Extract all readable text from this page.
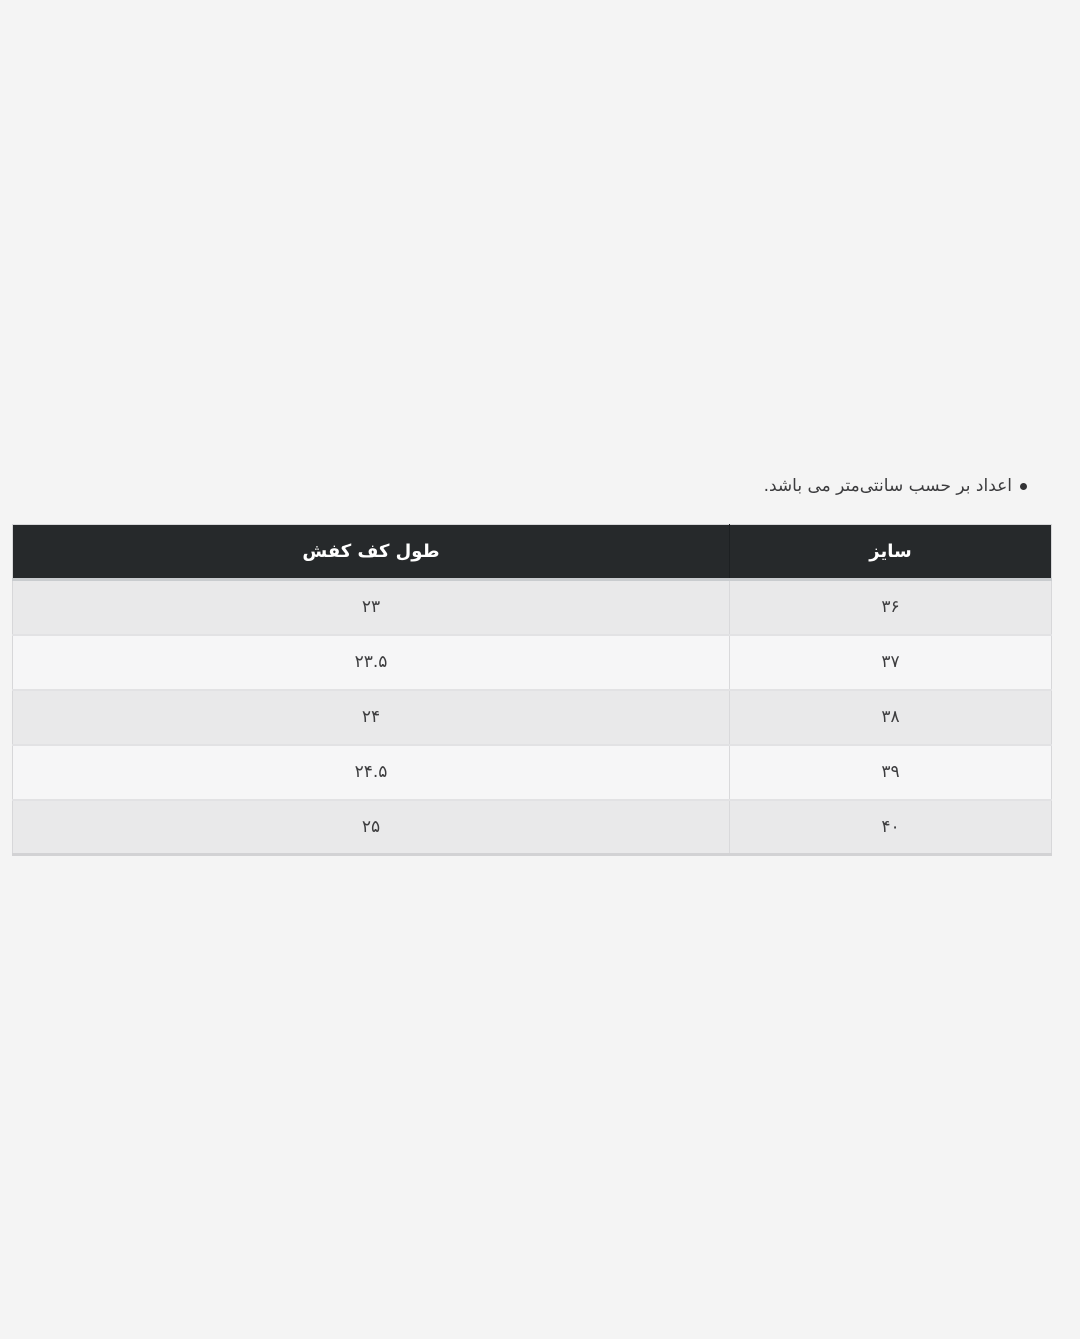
اعداد بر حسب سانتی‌متر می باشد.
سایز	طول کف کفش
۳۶	۲۳
۳۷	۲۳.۵
۳۸	۲۴
۳۹	۲۴.۵
۴۰	۲۵
